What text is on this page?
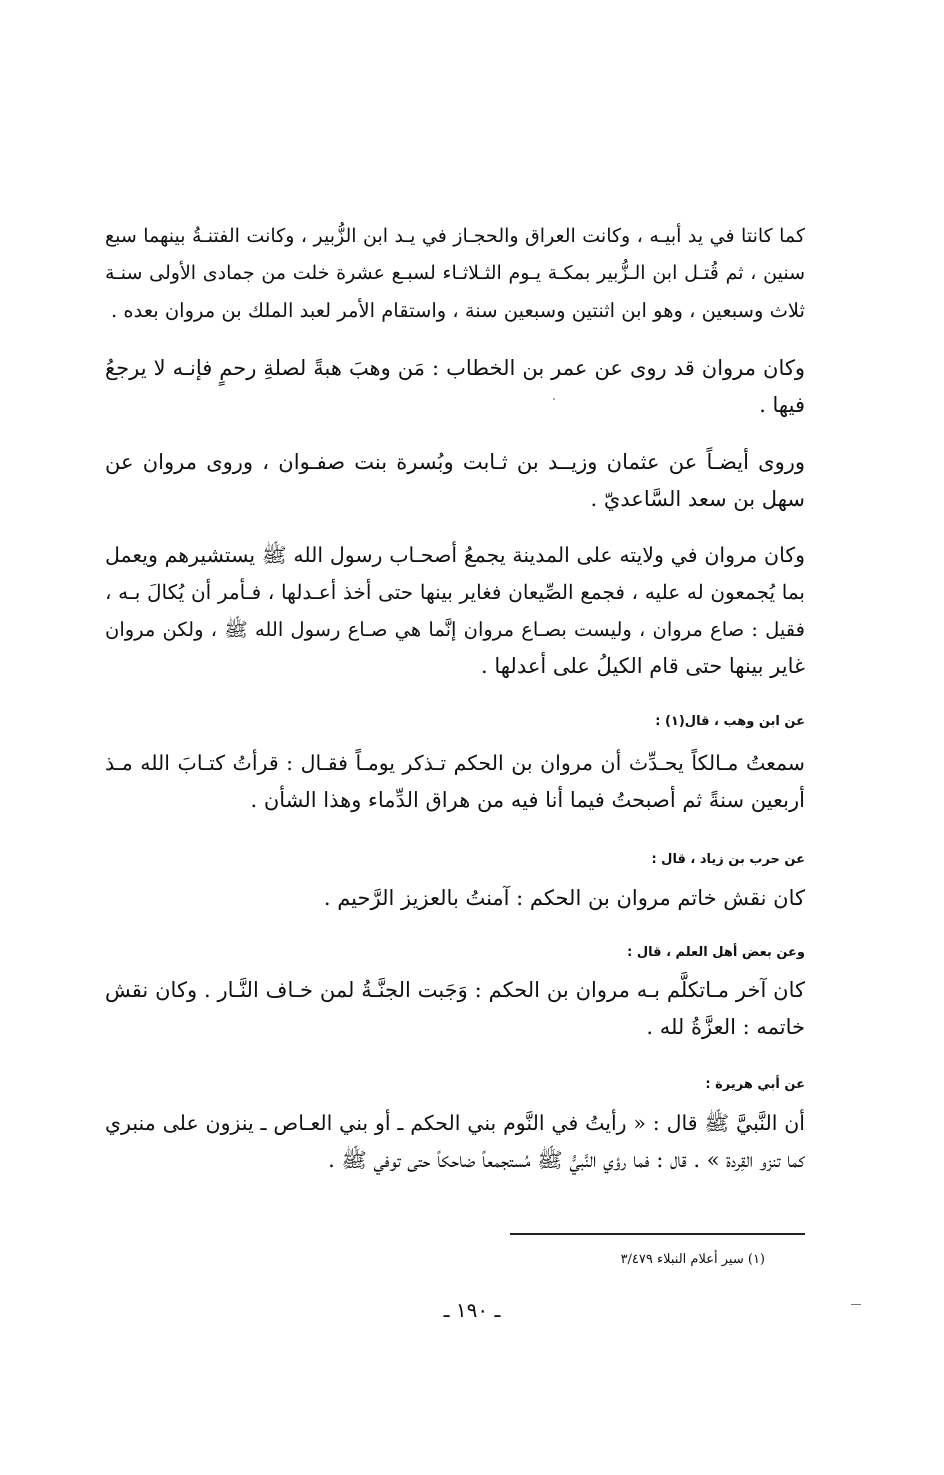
كما كانتا في يد أبيـه ، وكانت العراق والحجـاز في يـد ابن الزُّبير ، وكانت الفتنـةُ بينهما سبع
سنين ، ثم قُتـل ابن الـزُّبير بمكـة يـوم الثـلاثـاء لسبـع عشرة خلت من جمادى الأولى سنـة
ثلاث وسبعين ، وهو ابن اثنتين وسبعين سنة ، واستقام الأمر لعبد الملك بن مروان بعده .
وكان مروان قد روى عن عمر بن الخطاب : مَن وهبَ هبةً لصلةِ رحمٍ فإنـه لا يرجعُ
فيها .
وروى أيضـاً عن عثمان وزيــد بن ثـابت وبُسرة بنت صفـوان ، وروى مروان عن
سهل بن سعد السَّاعديّ .
وكان مروان في ولايته على المدينة يجمعُ أصحـاب رسول الله ﷺ يستشيرهم ويعمل
بما يُجمعون له عليه ، فجمع الصِّيعان فغاير بينها حتى أخذ أعـدلها ، فـأمر أن يُكالَ بـه ،
فقيل : صاع مروان ، وليست بصـاع مروان إنَّما هي صـاع رسول الله ﷺ ، ولكن مروان
غاير بينها حتى قام الكيلُ على أعدلها .
عن ابن وهب ، قال(١) :
سمعتُ مـالكاً يحـدِّث أن مروان بن الحكم تـذكر يومـاً فقـال : قرأتُ كتـابَ الله مـذ
أربعين سنةً ثم أصبحتُ فيما أنا فيه من هراق الدِّماء وهذا الشأن .
عن حرب بن زياد ، قال :
كان نقش خاتم مروان بن الحكم : آمنتُ بالعزيز الرَّحيم .
وعن بعض أهل العلم ، قال :
كان آخر مـاتكلَّم بـه مروان بن الحكم : وَجَبت الجنَّـةُ لمن خـاف النَّـار . وكان نقش
خاتمه : العزَّةُ لله .
عن أبي هريرة :
أن النَّبيَّ ﷺ قال : « رأيتُ في النَّوم بني الحكم ـ أو بني العـاص ـ ينزون على منبري
كما تنزو القِردة » . قال : فما رؤي النَّبيُّ ﷺ مُستجمعاً ضاحكاً حتى توفي ﷺ .
(١) سير أعلام النبلاء ٣/٤٧٩
ـ ١٩٠ ـ
